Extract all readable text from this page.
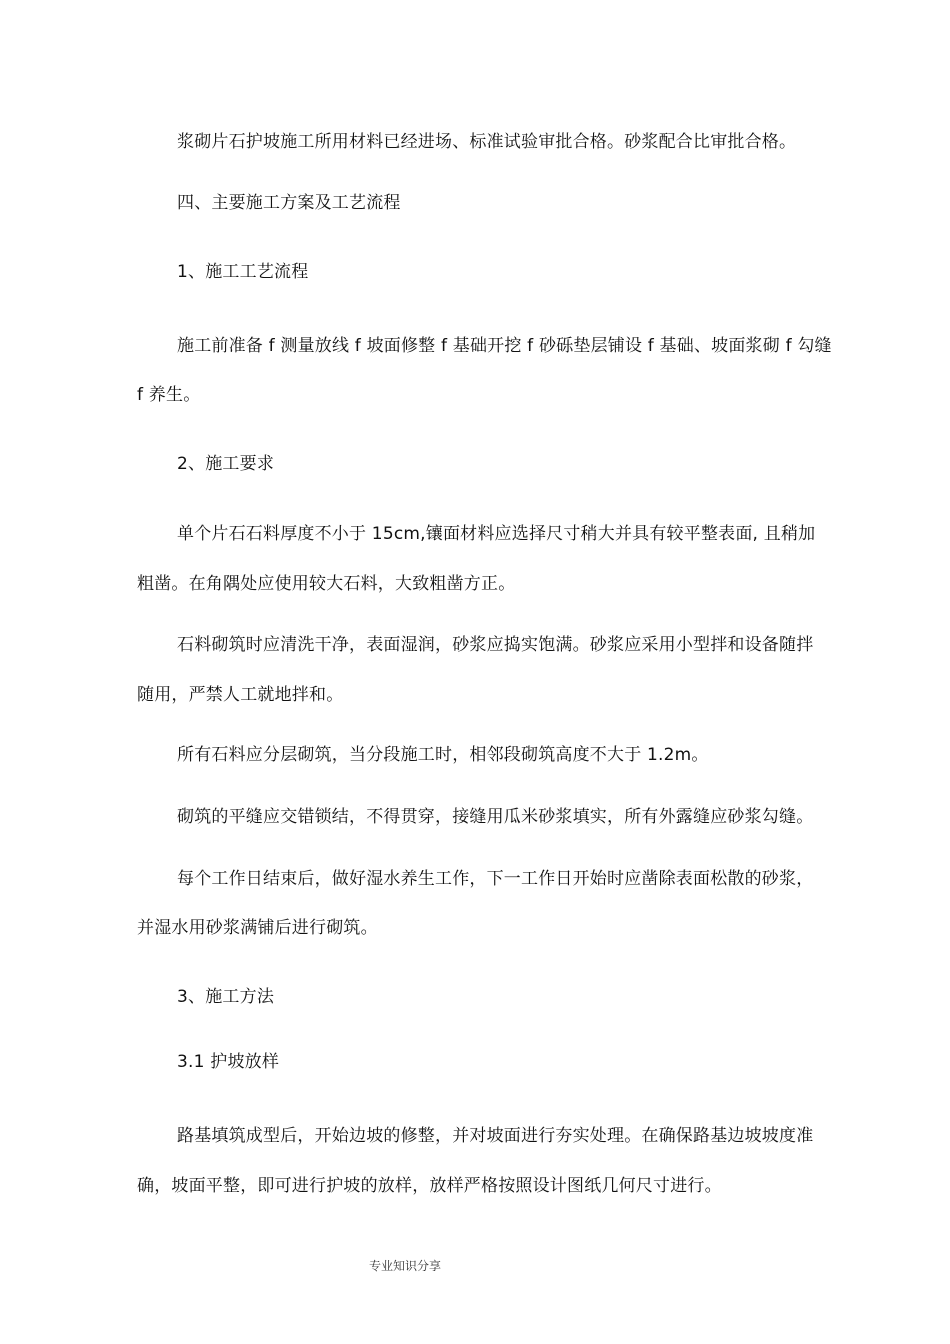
浆砌片石护坡施工所用材料已经进场、标准试验审批合格。砂浆配合比审批合格。
四、主要施工方案及工艺流程
1、施工工艺流程
施工前准备 f 测量放线 f 坡面修整 f 基础开挖 f 砂砾垫层铺设 f 基础、坡面浆砌 f 勾缝
f 养生。
2、施工要求
单个片石石料厚度不小于 15cm,镶面材料应选择尺寸稍大并具有较平整表面, 且稍加
粗凿。在角隅处应使用较大石料，大致粗凿方正。
石料砌筑时应清洗干净，表面湿润，砂浆应捣实饱满。砂浆应采用小型拌和设备随拌
随用，严禁人工就地拌和。
所有石料应分层砌筑，当分段施工时，相邻段砌筑高度不大于 1.2m。
砌筑的平缝应交错锁结，不得贯穿，接缝用瓜米砂浆填实，所有外露缝应砂浆勾缝。
每个工作日结束后，做好湿水养生工作，下一工作日开始时应凿除表面松散的砂浆，
并湿水用砂浆满铺后进行砌筑。
3、施工方法
3.1 护坡放样
路基填筑成型后，开始边坡的修整，并对坡面进行夯实处理。在确保路基边坡坡度准
确，坡面平整，即可进行护坡的放样，放样严格按照设计图纸几何尺寸进行。
专业知识分享
